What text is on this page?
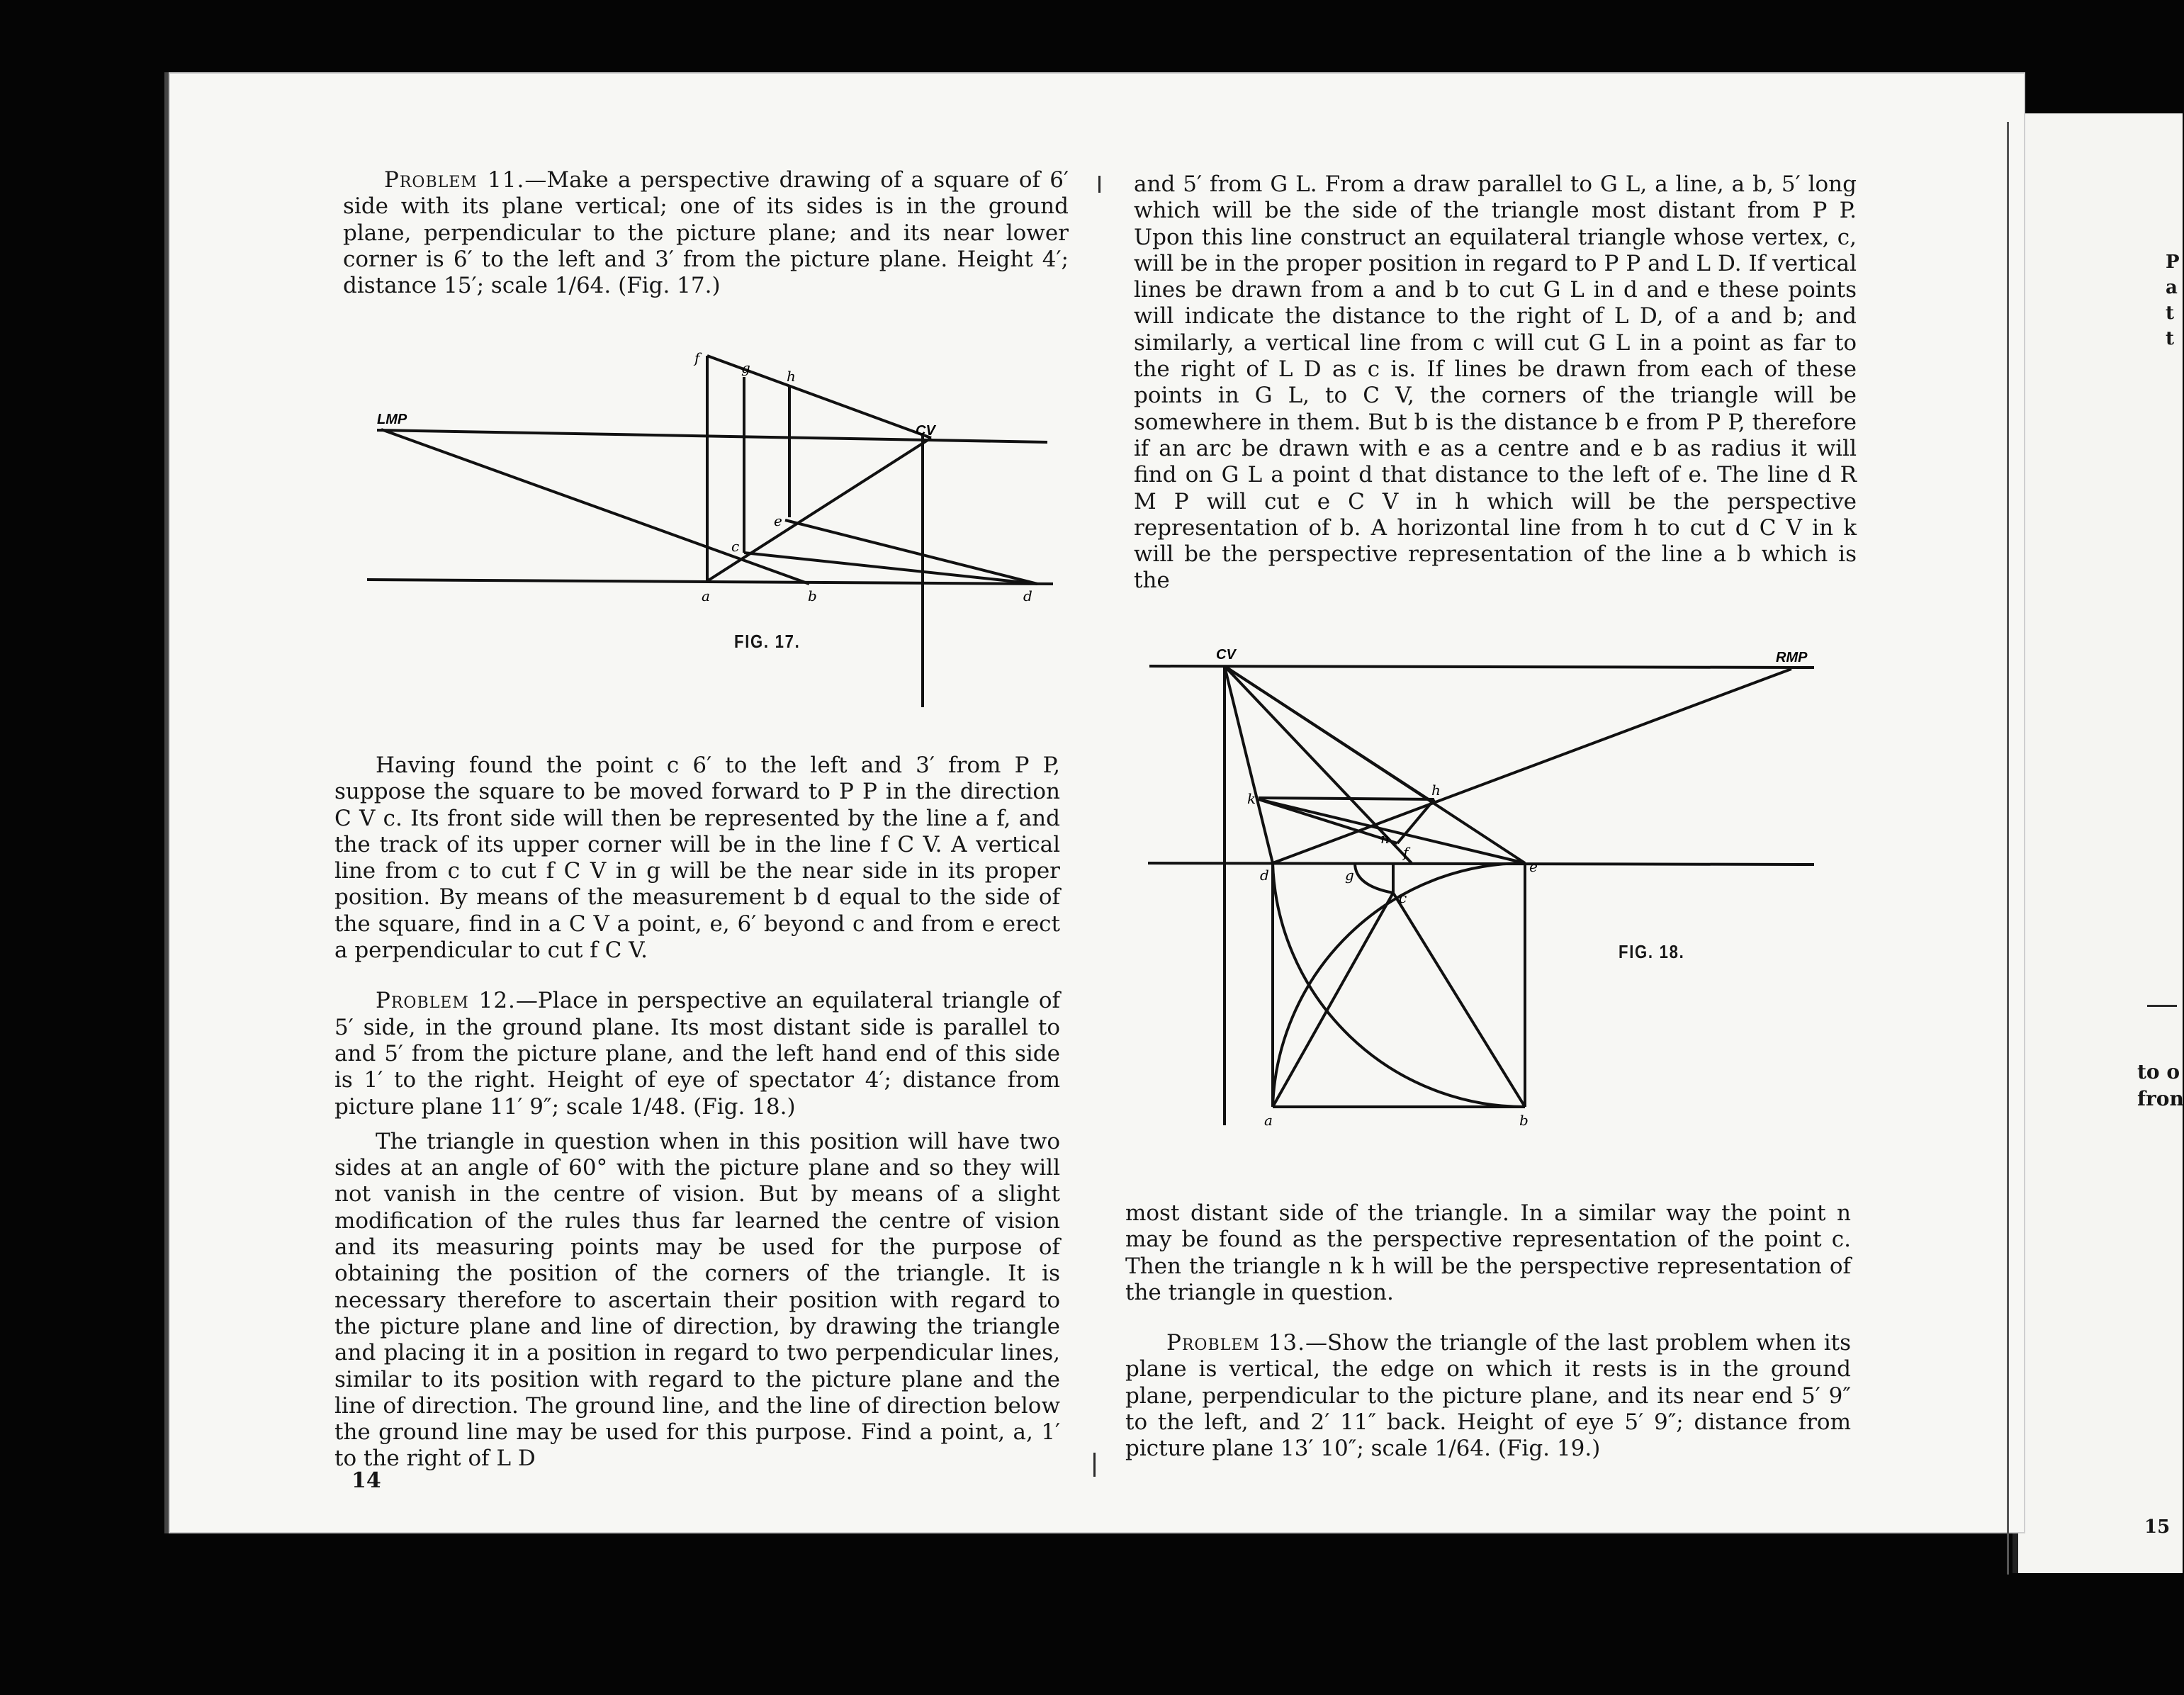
Problem 11.—Make a perspective drawing of a square of 6′ side with its plane vertical; one of its sides is in the ground plane, perpendicular to the picture plane; and its near lower corner is 6′ to the left and 3′ from the picture plane. Height 4′; distance 15′; scale 1/64. (Fig. 17.)

LMP
CV
f
g	h
c
e
a	b	d
FIG. 17.

Having found the point c 6′ to the left and 3′ from P P, suppose the square to be moved forward to P P in the direction C V c. Its front side will then be represented by the line a f, and the track of its upper corner will be in the line f C V. A vertical line from c to cut f C V in g will be the near side in its proper position. By means of the measurement b d equal to the side of the square, find in a C V a point, e, 6′ beyond c and from e erect a perpendicular to cut f C V.

Problem 12.—Place in perspective an equilateral triangle of 5′ side, in the ground plane. Its most distant side is parallel to and 5′ from the picture plane, and the left hand end of this side is 1′ to the right. Height of eye of spectator 4′; distance from picture plane 11′ 9″; scale 1/48. (Fig. 18.)

The triangle in question when in this position will have two sides at an angle of 60° with the picture plane and so they will not vanish in the centre of vision. But by means of a slight modification of the rules thus far learned the centre of vision and its measuring points may be used for the purpose of obtaining the position of the corners of the triangle. It is necessary therefore to ascertain their position with regard to the picture plane and line of direction, by drawing the triangle and placing it in a position in regard to two perpendicular lines, similar to its position with regard to the picture plane and the line of direction. The ground line, and the line of direction below the ground line may be used for this purpose. Find a point, a, 1′ to the right of L D

14

and 5′ from G L. From a draw parallel to G L, a line, a b, 5′ long which will be the side of the triangle most distant from P P. Upon this line construct an equilateral triangle whose vertex, c, will be in the proper position in regard to P P and L D. If vertical lines be drawn from a and b to cut G L in d and e these points will indicate the distance to the right of L D, of a and b; and similarly, a vertical line from c will cut G L in a point as far to the right of L D as c is. If lines be drawn from each of these points in G L, to C V, the corners of the triangle will be somewhere in them. But b is the distance b e from P P, therefore if an arc be drawn with e as a centre and e b as radius it will find on G L a point d that distance to the left of e. The line d R M P will cut e C V in h which will be the perspective representation of b. A horizontal line from h to cut d C V in k will be the perspective representation of the line a b which is the

CV	RMP
h
k
n
d	g
f
e
c
a	b
FIG. 18.

most distant side of the triangle. In a similar way the point n may be found as the perspective representation of the point c. Then the triangle n k h will be the perspective representation of the triangle in question.

Problem 13.—Show the triangle of the last problem when its plane is vertical, the edge on which it rests is in the ground plane, perpendicular to the picture plane, and its near end 5′ 9″ to the left, and 2′ 11″ back. Height of eye 5′ 9″; distance from picture plane 13′ 10″; scale 1/64. (Fig. 19.)

P
a
t
t
to o
fron
15
